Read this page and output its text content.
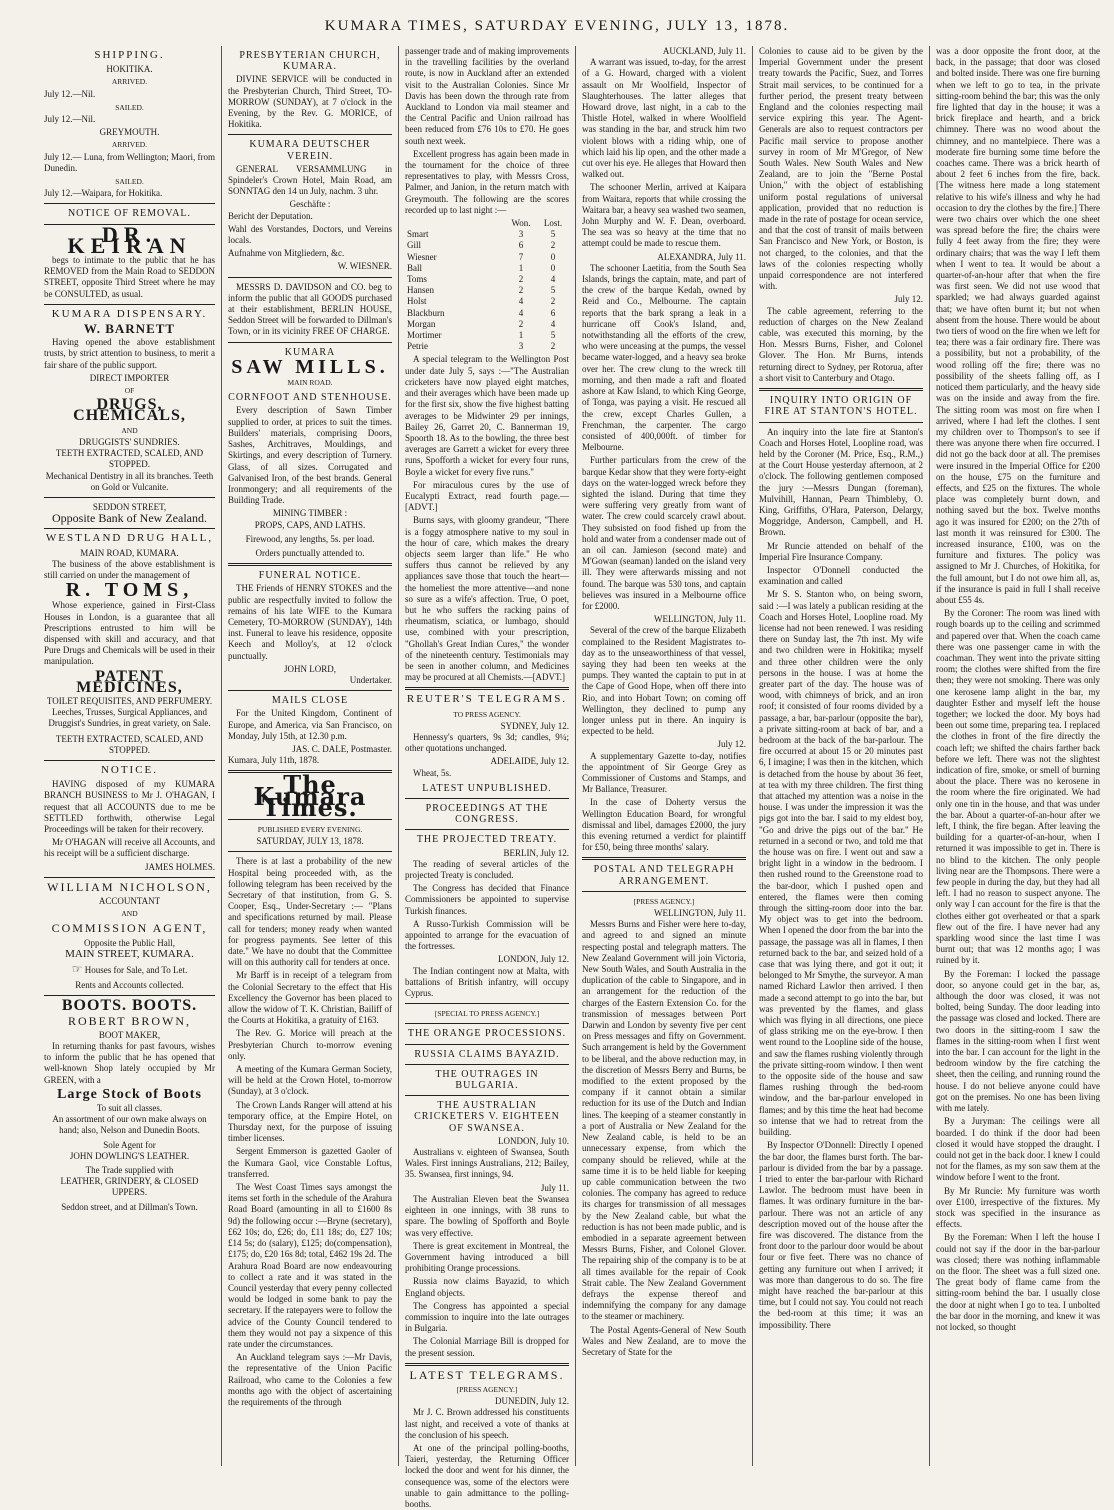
KUMARA TIMES, SATURDAY EVENING, JULY 13, 1878.
SHIPPING.
HOKITIKA.
ARRIVED.

July 12.—Nil.

SAILED.

July 12.—Nil.

GREYMOUTH.
ARRIVED.

July 12.— Luna, from Wellington; Maori, from Dunedin.

SAILED.

July 12.—Waipara, for Hokitika.

NOTICE OF REMOVAL.
DR. KEIRAN

begs to intimate to the public that he has REMOVED from the Main Road to SEDDON STREET, opposite Third Street where he may be CONSULTED, as usual.

KUMARA DISPENSARY.
W. BARNETT

Having opened the above establishment trusts, by strict attention to business, to merit a fair share of the public support.

DIRECT IMPORTER
OF
DRUGS, CHEMICALS,
AND
DRUGGISTS' SUNDRIES.
TEETH EXTRACTED, SCALED, AND STOPPED.
Mechanical Dentistry in all its branches. Teeth on Gold or Vulcanite.
SEDDON STREET,
Opposite Bank of New Zealand.
WESTLAND DRUG HALL,
MAIN ROAD, KUMARA.

The business of the above establishment is still carried on under the management of

R. TOMS,

Whose experience, gained in First-Class Houses in London, is a guarantee that all Prescriptions entrusted to him will be dispensed with skill and accuracy, and that Pure Drugs and Chemicals will be used in their manipulation.

PATENT MEDICINES,
TOILET REQUISITES, AND PERFUMERY.
Leeches, Trusses, Surgical Appliances, and Druggist's Sundries, in great variety, on Sale.
TEETH EXTRACTED, SCALED, AND STOPPED.
NOTICE.

HAVING disposed of my KUMARA BRANCH BUSINESS to Mr J. O'HAGAN, I request that all ACCOUNTS due to me be SETTLED forthwith, otherwise Legal Proceedings will be taken for their recovery.

Mr O'HAGAN will receive all Accounts, and his receipt will be a sufficient discharge.

JAMES HOLMES.
WILLIAM NICHOLSON,
ACCOUNTANT
AND
COMMISSION AGENT,
Opposite the Public Hall,
MAIN STREET, KUMARA.
☞ Houses for Sale, and To Let.
Rents and Accounts collected.
BOOTS. BOOTS.
ROBERT BROWN,
BOOT MAKER,

In returning thanks for past favours, wishes to inform the public that he has opened that well-known Shop lately occupied by Mr GREEN, with a

Large Stock of Boots
To suit all classes.
An assortment of our own make always on hand; also, Nelson and Dunedin Boots.
Sole Agent for
JOHN DOWLING'S LEATHER.
The Trade supplied with
LEATHER, GRINDERY, & CLOSED UPPERS.
Seddon street, and at Dillman's Town.
PRESBYTERIAN CHURCH, KUMARA.

DIVINE SERVICE will be conducted in the Presbyterian Church, Third Street, TO-MORROW (SUNDAY), at 7 o'clock in the Evening, by the Rev. G. MORICE, of Hokitika.

KUMARA DEUTSCHER VEREIN.

GENERAL VERSAMMLUNG in Spindeler's Crown Hotel, Main Road, am SONNTAG den 14 un July, nachm. 3 uhr.

Geschäfte :

Bericht der Deputation.

Wahl des Vorstandes, Doctors, und Vereins locals.

Aufnahme von Mitgliedern, &c.

W. WIESNER.

MESSRS D. DAVIDSON and CO. beg to inform the public that all GOODS purchased at their establishment, BERLIN HOUSE, Seddon Street will be forwarded to Dillman's Town, or in its vicinity FREE OF CHARGE.

KUMARA
SAW MILLS.
MAIN ROAD.
CORNFOOT AND STENHOUSE.

Every description of Sawn Timber supplied to order, at prices to suit the times. Builders' materials, comprising Doors, Sashes, Architraves, Mouldings, and Skirtings, and every description of Turnery. Glass, of all sizes. Corrugated and Galvanised Iron, of the best brands. General Ironmongery; and all requirements of the Building Trade.

MINING TIMBER :
PROPS, CAPS, AND LATHS.
Firewood, any lengths, 5s. per load.
Orders punctually attended to.
FUNERAL NOTICE.

THE Friends of HENRY STOKES and the public are respectfully invited to follow the remains of his late WIFE to the Kumara Cemetery, TO-MORROW (SUNDAY), 14th inst. Funeral to leave his residence, opposite Keech and Molloy's, at 12 o'clock punctually.

JOHN LORD,
Undertaker.
MAILS CLOSE

For the United Kingdom, Continent of Europe, and America, via San Francisco, on Monday, July 15th, at 12.30 p.m.

JAS. C. DALE, Postmaster.

Kumara, July 11th, 1878.

The Kumara Times.
PUBLISHED EVERY EVENING.
SATURDAY, JULY 13, 1878.

There is at last a probability of the new Hospital being proceeded with, as the following telegram has been received by the Secretary of that institution, from G. S. Cooper, Esq., Under-Secretary :— "Plans and specifications returned by mail. Please call for tenders; money ready when wanted for progress payments. See letter of this date." We have no doubt that the Committee will on this authority call for tenders at once.

Mr Barff is in receipt of a telegram from the Colonial Secretary to the effect that His Excellency the Governor has been placed to allow the widow of T. K. Christian, Bailiff of the Courts at Hokitika, a gratuity of £163.

The Rev. G. Morice will preach at the Presbyterian Church to-morrow evening only.

A meeting of the Kumara German Society, will be held at the Crown Hotel, to-morrow (Sunday), at 3 o'clock.

The Crown Lands Ranger will attend at his temporary office, at the Empire Hotel, on Thursday next, for the purpose of issuing timber licenses.

Sergent Emmerson is gazetted Gaoler of the Kumara Gaol, vice Constable Loftus, transferred.

The West Coast Times says amongst the items set forth in the schedule of the Arahura Road Board (amounting in all to £1600 8s 9d) the following occur :—Bryne (secretary), £62 10s; do, £26; do, £11 18s; do, £27 10s; £14 5s; do (salary), £125; do(compensation), £175; do, £20 16s 8d; total, £462 19s 2d. The Arahura Road Board are now endeavouring to collect a rate and it was stated in the Council yesterday that every penny collected would be lodged in some bank to pay the secretary. If the ratepayers were to follow the advice of the County Council tendered to them they would not pay a sixpence of this rate under the circumstances.

An Auckland telegram says :—Mr Davis, the representative of the Union Pacific Railroad, who came to the Colonies a few months ago with the object of ascertaining the requirements of the through

passenger trade and of making improvements in the travelling facilities by the overland route, is now in Auckland after an extended visit to the Australian Colonies. Since Mr Davis has been down the through rate from Auckland to London via mail steamer and the Central Pacific and Union railroad has been reduced from £76 10s to £70. He goes south next week.

Excellent progress has again been made in the tournament for the choice of three representatives to play, with Messrs Cross, Palmer, and Janion, in the return match with Greymouth. The following are the scores recorded up to last night :—

	Won.	Lost.
Smart	3	5
Gill	6	2
Wiesner	7	0
Ball	1	0
Toms	2	4
Hansen	2	5
Holst	4	2
Blackburn	4	6
Morgan	2	4
Mortimer	1	5
Petrie	3	2

A special telegram to the Wellington Post under date July 5, says :—"The Australian cricketers have now played eight matches, and their averages which have been made up for the first six, show the five highest batting averages to be Midwinter 29 per innings, Bailey 26, Garret 20, C. Bannerman 19, Spoorth 18. As to the bowling, the three best averages are Garrett a wicket for every three runs, Spofforth a wicket for every four runs, Boyle a wicket for every five runs."

For miraculous cures by the use of Eucalypti Extract, read fourth page.—[ADVT.]

Burns says, with gloomy grandeur, "There is a foggy atmosphere native to my soul in the hour of care, which makes the dreary objects seem larger than life." He who suffers thus cannot be relieved by any appliances save those that touch the heart—the homeliest the more attentive—and none so sure as a wife's affection. True, O poet, but he who suffers the racking pains of rheumatism, sciatica, or lumbago, should use, combined with your prescription, "Ghollah's Great Indian Cures," the wonder of the nineteenth century. Testimonials may be seen in another column, and Medicines may be procured at all Chemists.—[ADVT.]

REUTER'S TELEGRAMS.
TO PRESS AGENCY.
SYDNEY, July 12.

Hennessy's quarters, 9s 3d; candles, 9¼; other quotations unchanged.

ADELAIDE, July 12.

Wheat, 5s.

LATEST UNPUBLISHED.
PROCEEDINGS AT THE CONGRESS.
THE PROJECTED TREATY.
BERLIN, July 12.

The reading of several articles of the projected Treaty is concluded.

The Congress has decided that Finance Commissioners be appointed to supervise Turkish finances.

A Russo-Turkish Commission will be appointed to arrange for the evacuation of the fortresses.

LONDON, July 12.

The Indian contingent now at Malta, with battalions of British infantry, will occupy Cyprus.

[SPECIAL TO PRESS AGENCY.]
THE ORANGE PROCESSIONS.
RUSSIA CLAIMS BAYAZID.
THE OUTRAGES IN BULGARIA.
THE AUSTRALIAN CRICKETERS V. EIGHTEEN OF SWANSEA.
LONDON, July 10.

Australians v. eighteen of Swansea, South Wales. First innings Australians, 212; Bailey, 35. Swansea, first innings, 94.

July 11.

The Australian Eleven beat the Swansea eighteen in one innings, with 38 runs to spare. The bowling of Spofforth and Boyle was very effective.

There is great excitement in Montreal, the Government having introduced a bill prohibiting Orange processions.

Russia now claims Bayazid, to which England objects.

The Congress has appointed a special commission to inquire into the late outrages in Bulgaria.

The Colonial Marriage Bill is dropped for the present session.

LATEST TELEGRAMS.
[PRESS AGENCY.]
DUNEDIN, July 12.

Mr J. C. Brown addressed his constituents last night, and received a vote of thanks at the conclusion of his speech.

At one of the principal polling-booths, Taieri, yesterday, the Returning Officer locked the door and went for his dinner, the consequence was, some of the electors were unable to gain admittance to the polling-booths.

AUCKLAND, July 11.

A warrant was issued, to-day, for the arrest of a G. Howard, charged with a violent assault on Mr Woolfield, Inspector of Slaughterhouses. The latter alleges that Howard drove, last night, in a cab to the Thistle Hotel, walked in where Woolfield was standing in the bar, and struck him two violent blows with a riding whip, one of which laid his lip open, and the other made a cut over his eye. He alleges that Howard then walked out.

The schooner Merlin, arrived at Kaipara from Waitara, reports that while crossing the Waitara bar, a heavy sea washed two seamen, John Murphy and W. F. Dean, overboard. The sea was so heavy at the time that no attempt could be made to rescue them.

ALEXANDRA, July 11.

The schooner Laetitia, from the South Sea Islands, brings the captain, mate, and part of the crew of the barque Kedah, owned by Reid and Co., Melbourne. The captain reports that the bark sprang a leak in a hurricane off Cook's Island, and, notwithstanding all the efforts of the crew, who were unceasing at the pumps, the vessel became water-logged, and a heavy sea broke over her. The crew clung to the wreck till morning, and then made a raft and floated ashore at Kaw Island, to which King George, of Tonga, was paying a visit. He rescued all the crew, except Charles Gullen, a Frenchman, the carpenter. The cargo consisted of 400,000ft. of timber for Melbourne.

Further particulars from the crew of the barque Kedar show that they were forty-eight days on the water-logged wreck before they sighted the island. During that time they were suffering very greatly from want of water. The crew could scarcely crawl about. They subsisted on food fished up from the hold and water from a condenser made out of an oil can. Jamieson (second mate) and M'Gowan (seaman) landed on the island very ill. They were afterwards missing and not found. The barque was 530 tons, and captain believes was insured in a Melbourne office for £2000.

WELLINGTON, July 11.

Several of the crew of the barque Elizabeth complained to the Resident Magistrates to-day as to the unseaworthiness of that vessel, saying they had been ten weeks at the pumps. They wanted the captain to put in at the Cape of Good Hope, when off there into Rio, and into Hobart Town; on coming off Wellington, they declined to pump any longer unless put in there. An inquiry is expected to be held.

July 12.

A supplementary Gazette to-day, notifies the appointment of Sir George Grey as Commissioner of Customs and Stamps, and Mr Ballance, Treasurer.

In the case of Doherty versus the Wellington Education Board, for wrongful dismissal and libel, damages £2000, the jury this evening returned a verdict for plaintiff for £50, being three months' salary.

POSTAL AND TELEGRAPH ARRANGEMENT.
[PRESS AGENCY.]
WELLINGTON, July 11.

Messrs Burns and Fisher were here to-day, and agreed to and signed an minute respecting postal and telegraph matters. The New Zealand Government will join Victoria, New South Wales, and South Australia in the duplication of the cable to Singapore, and in an arrangement for the reduction of the charges of the Eastern Extension Co. for the transmission of messages between Port Darwin and London by seventy five per cent on Press messages and fifty on Government. Such arrangement is held by the Government to be liberal, and the above reduction may, in the discretion of Messrs Berry and Burns, be modified to the extent proposed by the company if it cannot obtain a similar reduction for its use of the Dutch and Indian lines. The keeping of a steamer constantly in a port of Australia or New Zealand for the New Zealand cable, is held to be an unnecessary expense, from which the company should be relieved, while at the same time it is to be held liable for keeping up cable communication between the two colonies. The company has agreed to reduce its charges for transmission of all messages by the New Zealand cable, but what the reduction is has not been made public, and is embodied in a separate agreement between Messrs Burns, Fisher, and Colonel Glover. The repairing ship of the company is to be at all times available for the repair of Cook Strait cable. The New Zealand Government defrays the expense thereof and indemnifying the company for any damage to the steamer or machinery.

The Postal Agents-General of New South Wales and New Zealand, are to move the Secretary of State for the

Colonies to cause aid to be given by the Imperial Government under the present treaty towards the Pacific, Suez, and Torres Strait mail services, to be continued for a further period, the present treaty between England and the colonies respecting mail service expiring this year. The Agent-Generals are also to request contractors per Pacific mail service to propose another survey in room of Mr M'Gregor, of New South Wales. New South Wales and New Zealand, are to join the "Berne Postal Union," with the object of establishing uniform postal regulations of universal application, provided that no reduction is made in the rate of postage for ocean service, and that the cost of transit of mails between San Francisco and New York, or Boston, is not charged, to the colonies, and that the laws of the colonies respecting wholly unpaid correspondence are not interfered with.

July 12.

The cable agreement, referring to the reduction of charges on the New Zealand cable, was executed this morning, by the Hon. Messrs Burns, Fisher, and Colonel Glover. The Hon. Mr Burns, intends returning direct to Sydney, per Rotorua, after a short visit to Canterbury and Otago.

INQUIRY INTO ORIGIN OF FIRE AT STANTON'S HOTEL.

An inquiry into the late fire at Stanton's Coach and Horses Hotel, Loopline road, was held by the Coroner (M. Price, Esq., R.M.,) at the Court House yesterday afternoon, at 2 o'clock. The following gentlemen composed the jury :—Messrs Dungan (foreman), Mulvihill, Hannan, Pearn Thimbleby, O. King, Griffiths, O'Hara, Paterson, Delargy, Moggridge, Anderson, Campbell, and H. Brown.

Mr Runcie attended on behalf of the Imperial Fire Insurance Company.

Inspector O'Donnell conducted the examination and called

Mr S. S. Stanton who, on being sworn, said :—I was lately a publican residing at the Coach and Horses Hotel, Loopline road. My license had not been renewed. I was residing there on Sunday last, the 7th inst. My wife and two children were in Hokitika; myself and three other children were the only persons in the house. I was at home the greater part of the day. The house was of wood, with chimneys of brick, and an iron roof; it consisted of four rooms divided by a passage, a bar, bar-parlour (opposite the bar), a private sitting-room at back of bar, and a bedroom at the back of the bar-parlour. The fire occurred at about 15 or 20 minutes past 6, I imagine; I was then in the kitchen, which is detached from the house by about 36 feet, at tea with my three children. The first thing that attached my attention was a noise in the house. I was under the impression it was the pigs got into the bar. I said to my eldest boy, "Go and drive the pigs out of the bar." He returned in a second or two, and told me that the house was on fire. I went out and saw a bright light in a window in the bedroom. I then rushed round to the Greenstone road to the bar-door, which I pushed open and entered, the flames were then coming through the sitting-room door into the bar. My object was to get into the bedroom. When I opened the door from the bar into the passage, the passage was all in flames, I then returned back to the bar, and seized hold of a case that was lying there, and got it out; it belonged to Mr Smythe, the surveyor. A man named Richard Lawlor then arrived. I then made a second attempt to go into the bar, but was prevented by the flames, and glass which was flying in all directions, one piece of glass striking me on the eye-brow. I then went round to the Loopline side of the house, and saw the flames rushing violently through the private sitting-room window. I then went to the opposite side of the house and saw flames rushing through the bed-room window, and the bar-parlour enveloped in flames; and by this time the heat had become so intense that we had to retreat from the building.

By Inspector O'Donnell: Directly I opened the bar door, the flames burst forth. The bar-parlour is divided from the bar by a passage. I tried to enter the bar-parlour with Richard Lawlor. The bedroom must have been in flames. It was ordinary furniture in the bar-parlour. There was not an article of any description moved out of the house after the fire was discovered. The distance from the front door to the parlour door would be about four or five feet. There was no chance of getting any furniture out when I arrived; it was more than dangerous to do so. The fire might have reached the bar-parlour at this time, but I could not say. You could not reach the bed-room at this time; it was an impossibility. There

was a door opposite the front door, at the back, in the passage; that door was closed and bolted inside. There was one fire burning when we left to go to tea, in the private sitting-room behind the bar; this was the only fire lighted that day in the house; it was a brick fireplace and hearth, and a brick chimney. There was no wood about the chimney, and no mantelpiece. There was a moderate fire burning some time before the coaches came. There was a brick hearth of about 2 feet 6 inches from the fire, back. [The witness here made a long statement relative to his wife's illness and why he had occasion to dry the clothes by the fire.] There were two chairs over which the one sheet was spread before the fire; the chairs were fully 4 feet away from the fire; they were ordinary chairs; that was the way I left them when I went to tea. It would be about a quarter-of-an-hour after that when the fire was first seen. We did not use wood that sparkled; we had always guarded against that; we have often burnt it; but not when absent from the house. There would be about two tiers of wood on the fire when we left for tea; there was a fair ordinary fire. There was a possibility, but not a probability, of the wood rolling off the fire; there was no possibility of the sheets falling off, as I noticed them particularly, and the heavy side was on the inside and away from the fire. The sitting room was most on fire when I arrived, where I had left the clothes. I sent my children over to Thompson's to see if there was anyone there when fire occurred. I did not go the back door at all. The premises were insured in the Imperial Office for £200 on the house, £75 on the furniture and effects, and £25 on the fixtures. The whole place was completely burnt down, and nothing saved but the box. Twelve months ago it was insured for £200; on the 27th of last month it was reinsured for £300. The increased insurance, £100, was on the furniture and fixtures. The policy was assigned to Mr J. Churches, of Hokitika, for the full amount, but I do not owe him all, as, if the insurance is paid in full I shall receive about £55 4s.

By the Coroner: The room was lined with rough boards up to the ceiling and scrimmed and papered over that. When the coach came there was one passenger came in with the coachman. They went into the private sitting room; the clothes were shifted from the fire then; they were not smoking. There was only one kerosene lamp alight in the bar, my daughter Esther and myself left the house together; we locked the door. My boys had been out some time, preparing tea. I replaced the clothes in front of the fire directly the coach left; we shifted the chairs farther back before we left. There was not the slightest indication of fire, smoke, or smell of burning about the place. There was no kerosene in the room where the fire originated. We had only one tin in the house, and that was under the bar. About a quarter-of-an-hour after we left, I think, the fire began. After leaving the building for a quarter-of-an-hour, when I returned it was impossible to get in. There is no blind to the kitchen. The only people living near are the Thompsons. There were a few people in during the day, but they had all left. I had no reason to suspect anyone. The only way I can account for the fire is that the clothes either got overheated or that a spark flew out of the fire. I have never had any sparkling wood since the last time I was burnt out; that was 12 months ago; I was ruined by it.

By the Foreman: I locked the passage door, so anyone could get in the bar, as, although the door was closed, it was not bolted, being Sunday. The door leading into the passage was closed and locked. There are two doors in the sitting-room I saw the flames in the sitting-room when I first went into the bar. I can account for the light in the bedroom window by the fire catching the sheet, then the ceiling, and running round the house. I do not believe anyone could have got on the premises. No one has been living with me lately.

By a Juryman: The ceilings were all boarded. I do think if the door had been closed it would have stopped the draught. I could not get in the back door. I knew I could not for the flames, as my son saw them at the window before I went to the front.

By Mr Runcie: My furniture was worth over £100, irrespective of the fixtures. My stock was specified in the insurance as effects.

By the Foreman: When I left the house I could not say if the door in the bar-parlour was closed; there was nothing inflammable on the floor. The sheet was a full sized one. The great body of flame came from the sitting-room behind the bar. I usually close the door at night when I go to tea. I unbolted the bar door in the morning, and knew it was not locked, so thought
